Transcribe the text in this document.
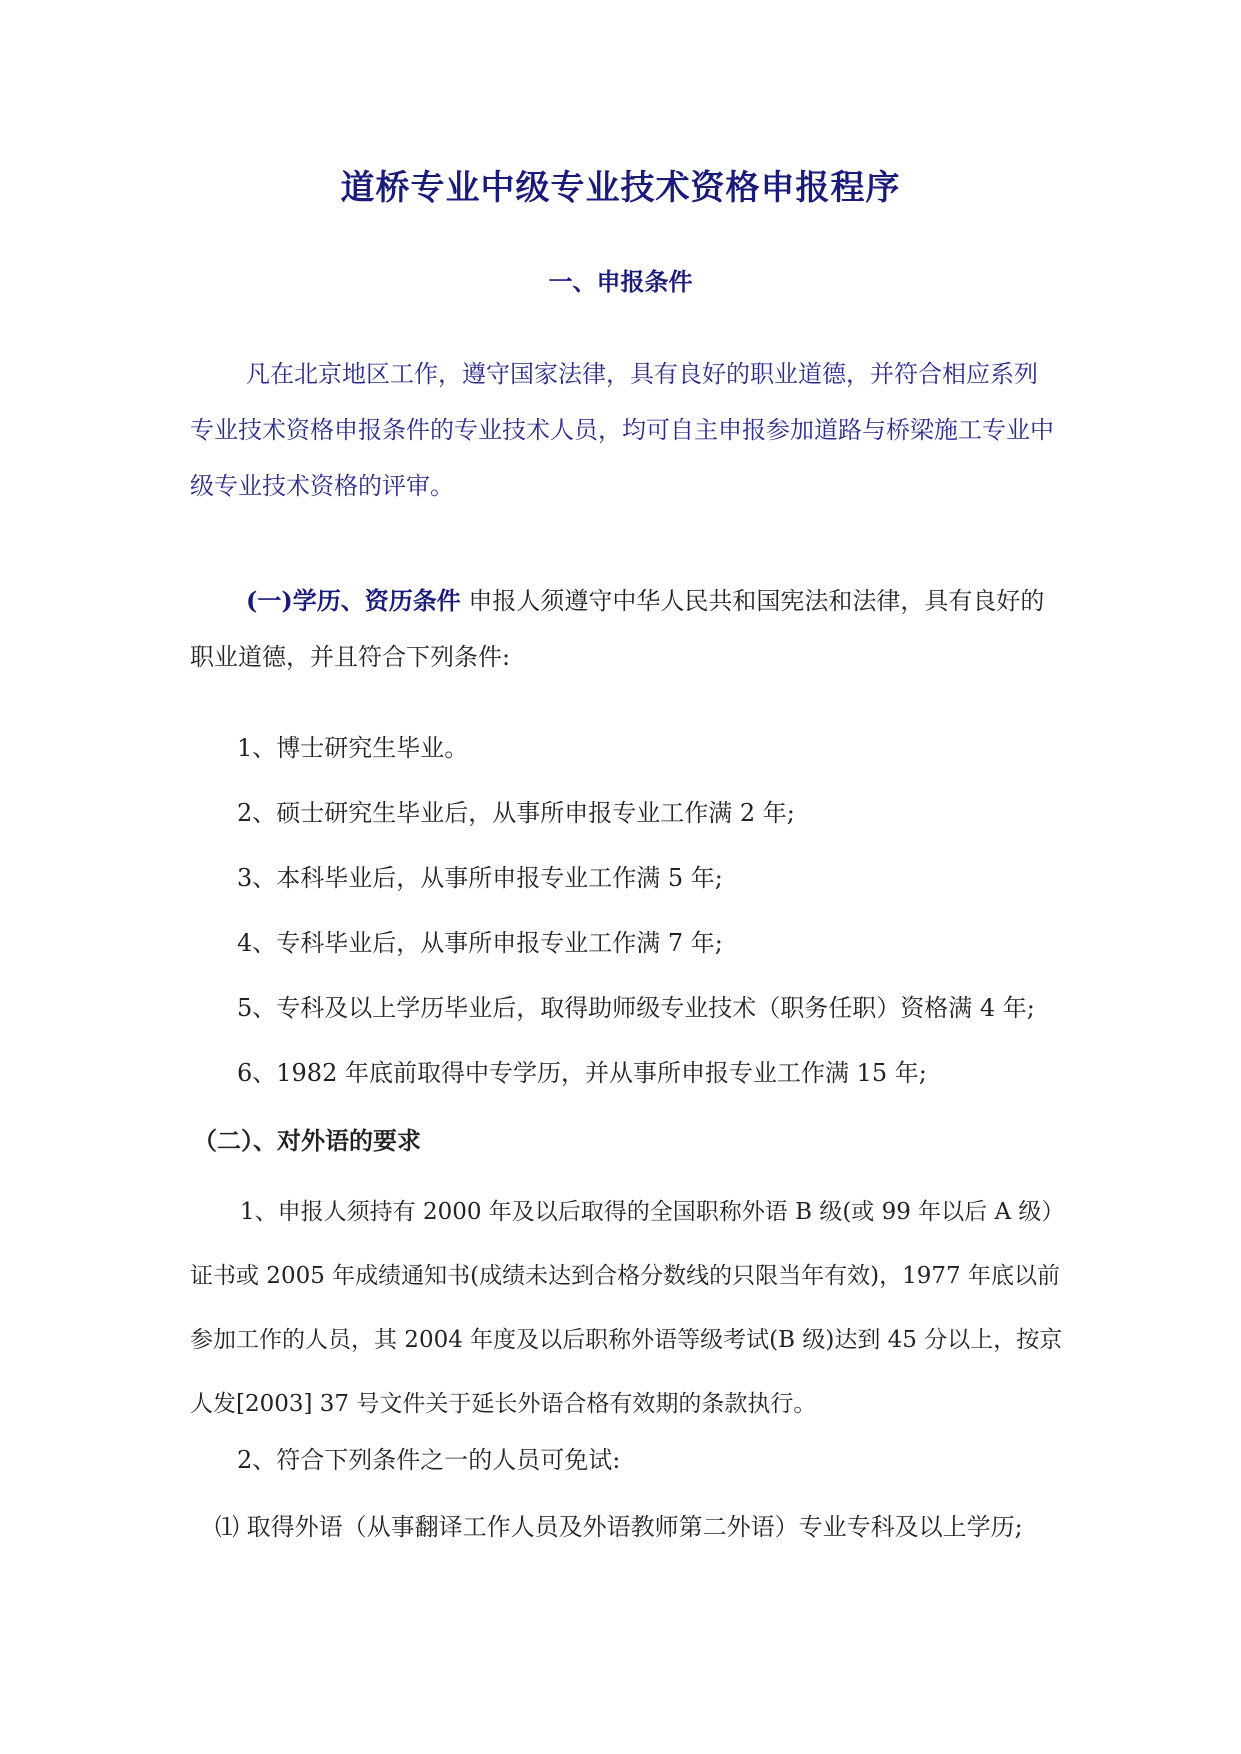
道桥专业中级专业技术资格申报程序
一、申报条件
凡在北京地区工作，遵守国家法律，具有良好的职业道德，并符合相应系列专业技术资格申报条件的专业技术人员，均可自主申报参加道路与桥梁施工专业中级专业技术资格的评审。
(一)学历、资历条件 申报人须遵守中华人民共和国宪法和法律，具有良好的职业道德，并且符合下列条件:
1、博士研究生毕业。
2、硕士研究生毕业后，从事所申报专业工作满 2 年;
3、本科毕业后，从事所申报专业工作满 5 年;
4、专科毕业后，从事所申报专业工作满 7 年;
5、专科及以上学历毕业后，取得助师级专业技术（职务任职）资格满 4 年;
6、1982 年底前取得中专学历，并从事所申报专业工作满 15 年;
（二）、对外语的要求
1、申报人须持有 2000 年及以后取得的全国职称外语 B 级(或 99 年以后 A 级）证书或 2005 年成绩通知书(成绩未达到合格分数线的只限当年有效)，1977 年底以前参加工作的人员，其 2004 年度及以后职称外语等级考试(B 级)达到 45 分以上，按京人发[2003] 37 号文件关于延长外语合格有效期的条款执行。
2、符合下列条件之一的人员可免试:
⑴ 取得外语（从事翻译工作人员及外语教师第二外语）专业专科及以上学历;
